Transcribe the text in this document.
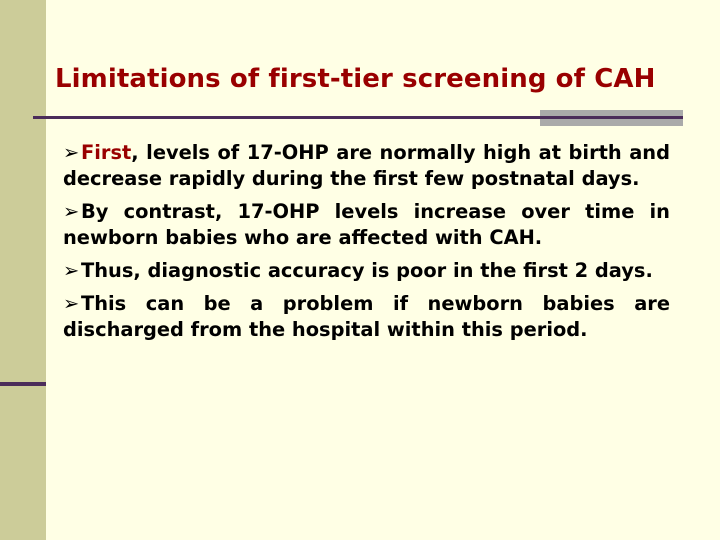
Limitations of first-tier screening of CAH
➢First, levels of 17-OHP are normally high at birth and decrease rapidly during the first few postnatal days.
➢By contrast, 17-OHP levels increase over time in newborn babies who are affected with CAH.
➢Thus, diagnostic accuracy is poor in the first 2 days.
➢This can be a problem if newborn babies are discharged from the hospital within this period.
